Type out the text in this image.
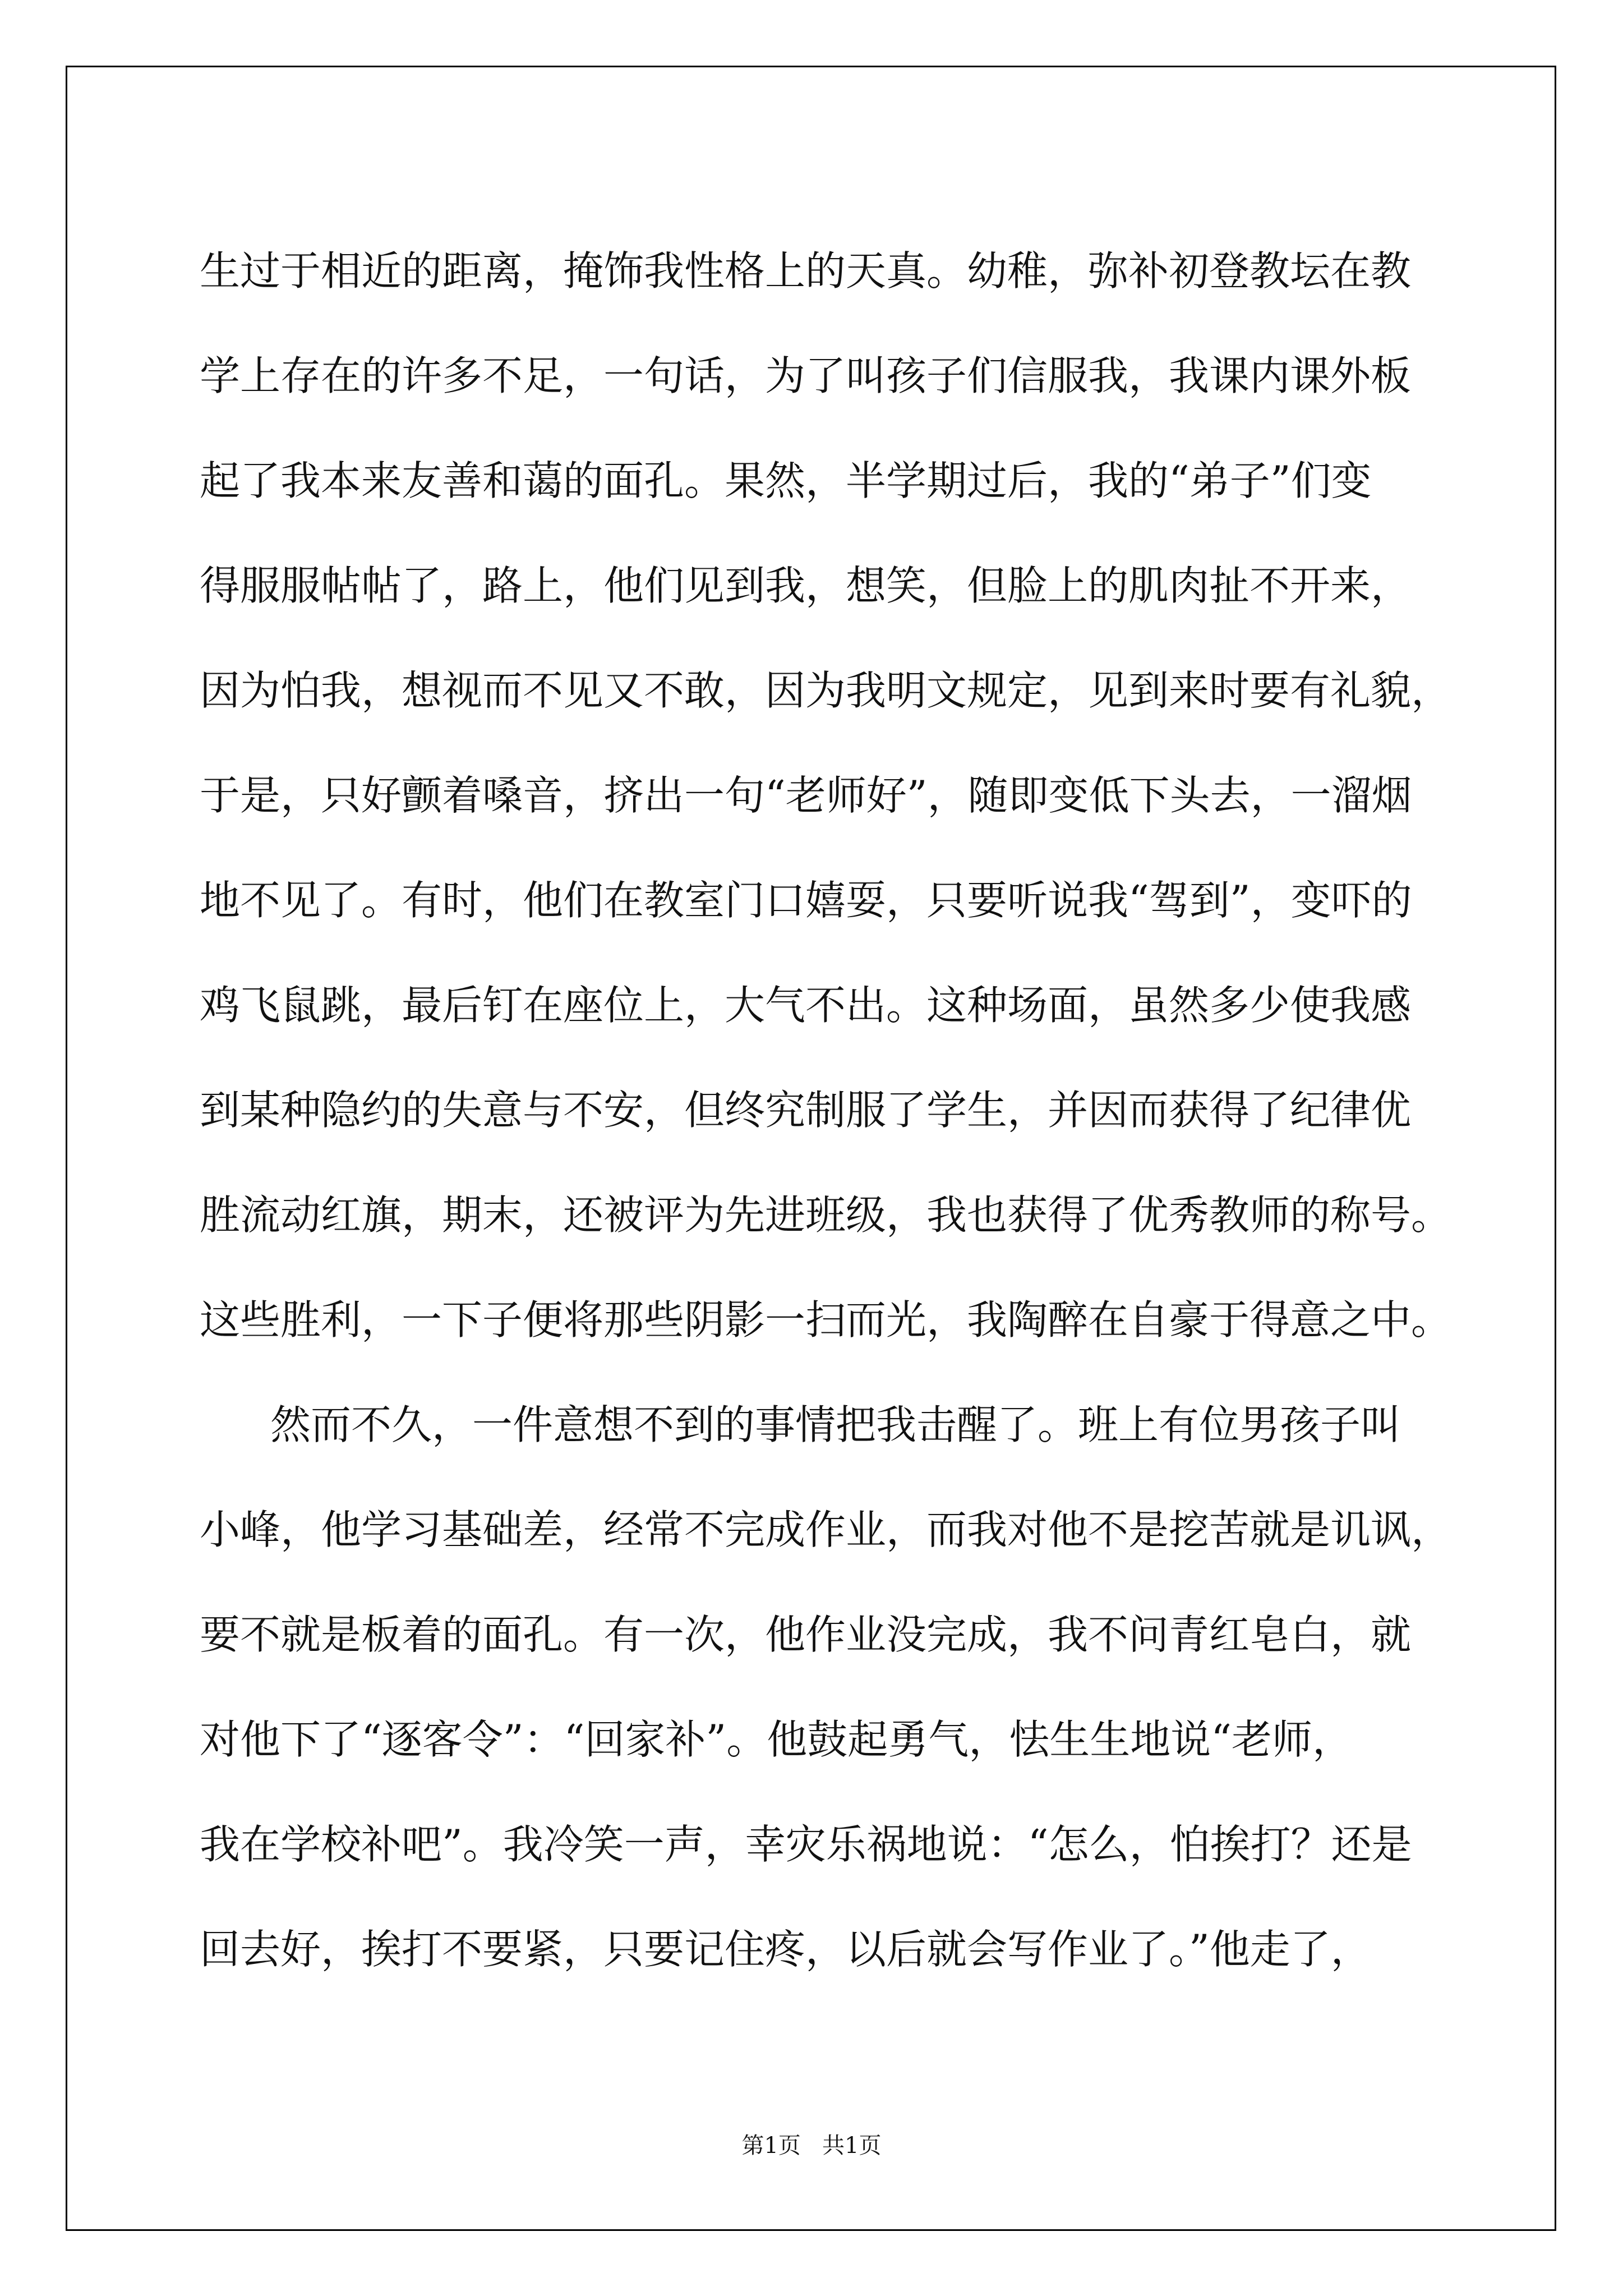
生过于相近的距离，掩饰我性格上的天真。幼稚，弥补初登教坛在教
学上存在的许多不足，一句话，为了叫孩子们信服我，我课内课外板
起了我本来友善和蔼的面孔。果然，半学期过后，我的“弟子”们变
得服服帖帖了，路上，他们见到我，想笑，但脸上的肌肉扯不开来，
因为怕我，想视而不见又不敢，因为我明文规定，见到来时要有礼貌，
于是，只好颤着嗓音，挤出一句“老师好”，随即变低下头去，一溜烟
地不见了。有时，他们在教室门口嬉耍，只要听说我“驾到”，变吓的
鸡飞鼠跳，最后钉在座位上，大气不出。这种场面，虽然多少使我感
到某种隐约的失意与不安，但终究制服了学生，并因而获得了纪律优
胜流动红旗，期末，还被评为先进班级，我也获得了优秀教师的称号。
这些胜利，一下子便将那些阴影一扫而光，我陶醉在自豪于得意之中。
然而不久，一件意想不到的事情把我击醒了。班上有位男孩子叫
小峰，他学习基础差，经常不完成作业，而我对他不是挖苦就是讥讽，
要不就是板着的面孔。有一次，他作业没完成，我不问青红皂白，就
对他下了“逐客令”：“回家补”。他鼓起勇气，怯生生地说“老师，
我在学校补吧”。我冷笑一声，幸灾乐祸地说：“怎么，怕挨打？还是
回去好，挨打不要紧，只要记住疼，以后就会写作业了。”他走了，
第1页   共1页
